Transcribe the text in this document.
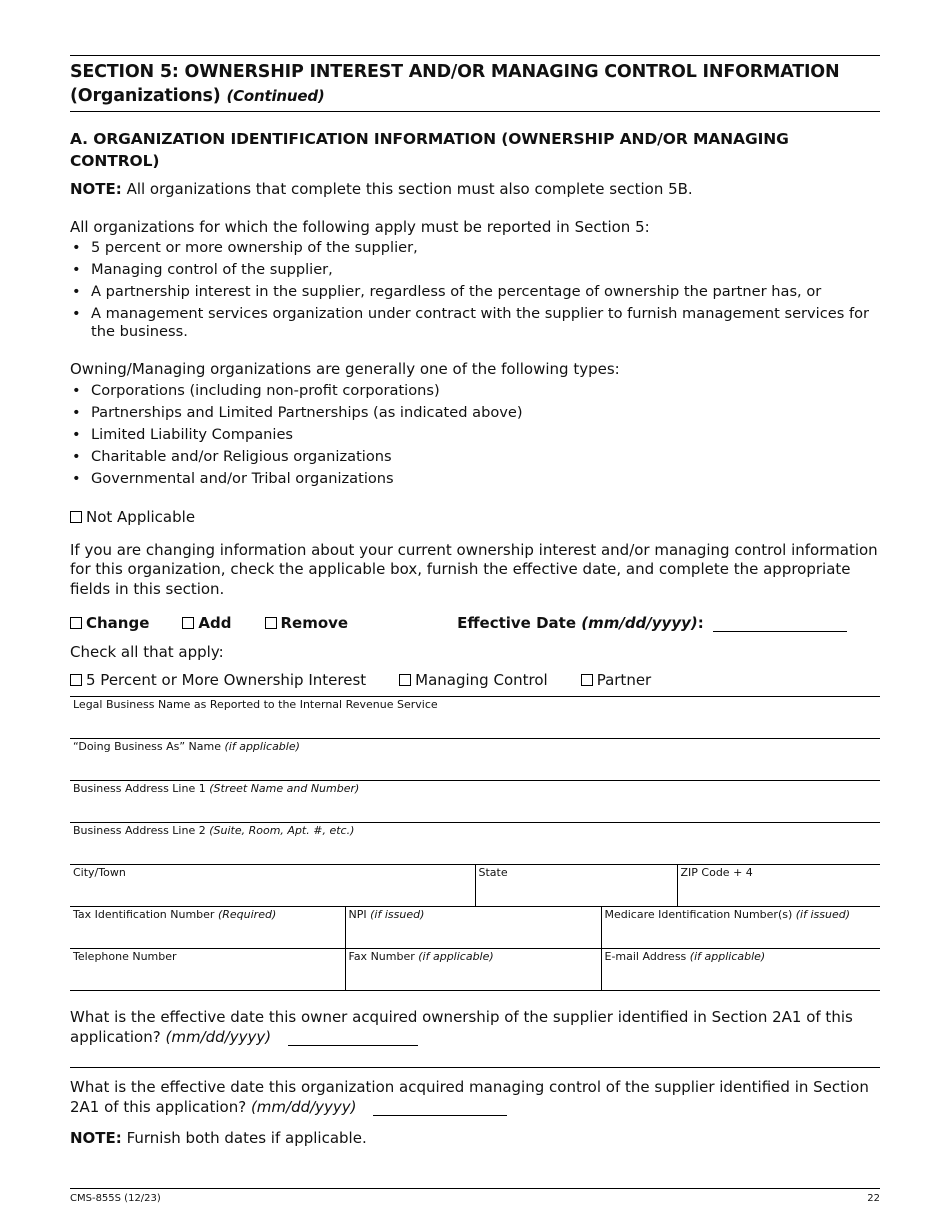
SECTION 5: OWNERSHIP INTEREST AND/OR MANAGING CONTROL INFORMATION
(Organizations) (Continued)
A. ORGANIZATION IDENTIFICATION INFORMATION (OWNERSHIP AND/OR MANAGING CONTROL)

NOTE: All organizations that complete this section must also complete section 5B.

All organizations for which the following apply must be reported in Section 5:

• 5 percent or more ownership of the supplier,
• Managing control of the supplier,
• A partnership interest in the supplier, regardless of the percentage of ownership the partner has, or
• A management services organization under contract with the supplier to furnish management services for the business.

Owning/Managing organizations are generally one of the following types:

• Corporations (including non-profit corporations)
• Partnerships and Limited Partnerships (as indicated above)
• Limited Liability Companies
• Charitable and/or Religious organizations
• Governmental and/or Tribal organizations
Not Applicable

If you are changing information about your current ownership interest and/or managing control information for this organization, check the applicable box, furnish the effective date, and complete the appropriate fields in this section.

Change	Add	Remove	Effective Date (mm/dd/yyyy):
Check all that apply:
5 Percent or More Ownership Interest	Managing Control	Partner
Legal Business Name as Reported to the Internal Revenue Service				
“Doing Business As” Name (if applicable)				
Business Address Line 1 (Street Name and Number)				
Business Address Line 2 (Suite, Room, Apt. #, etc.)				
City/Town		State		ZIP Code + 4
Tax Identification Number (Required)	NPI (if issued)		Medicare Identification Number(s) (if issued)	
Telephone Number	Fax Number (if applicable)		E-mail Address (if applicable)	

What is the effective date this owner acquired ownership of the supplier identified in Section 2A1 of this application? (mm/dd/yyyy)

What is the effective date this organization acquired managing control of the supplier identified in Section 2A1 of this application? (mm/dd/yyyy)

NOTE: Furnish both dates if applicable.

CMS-855S (12/23)	22
